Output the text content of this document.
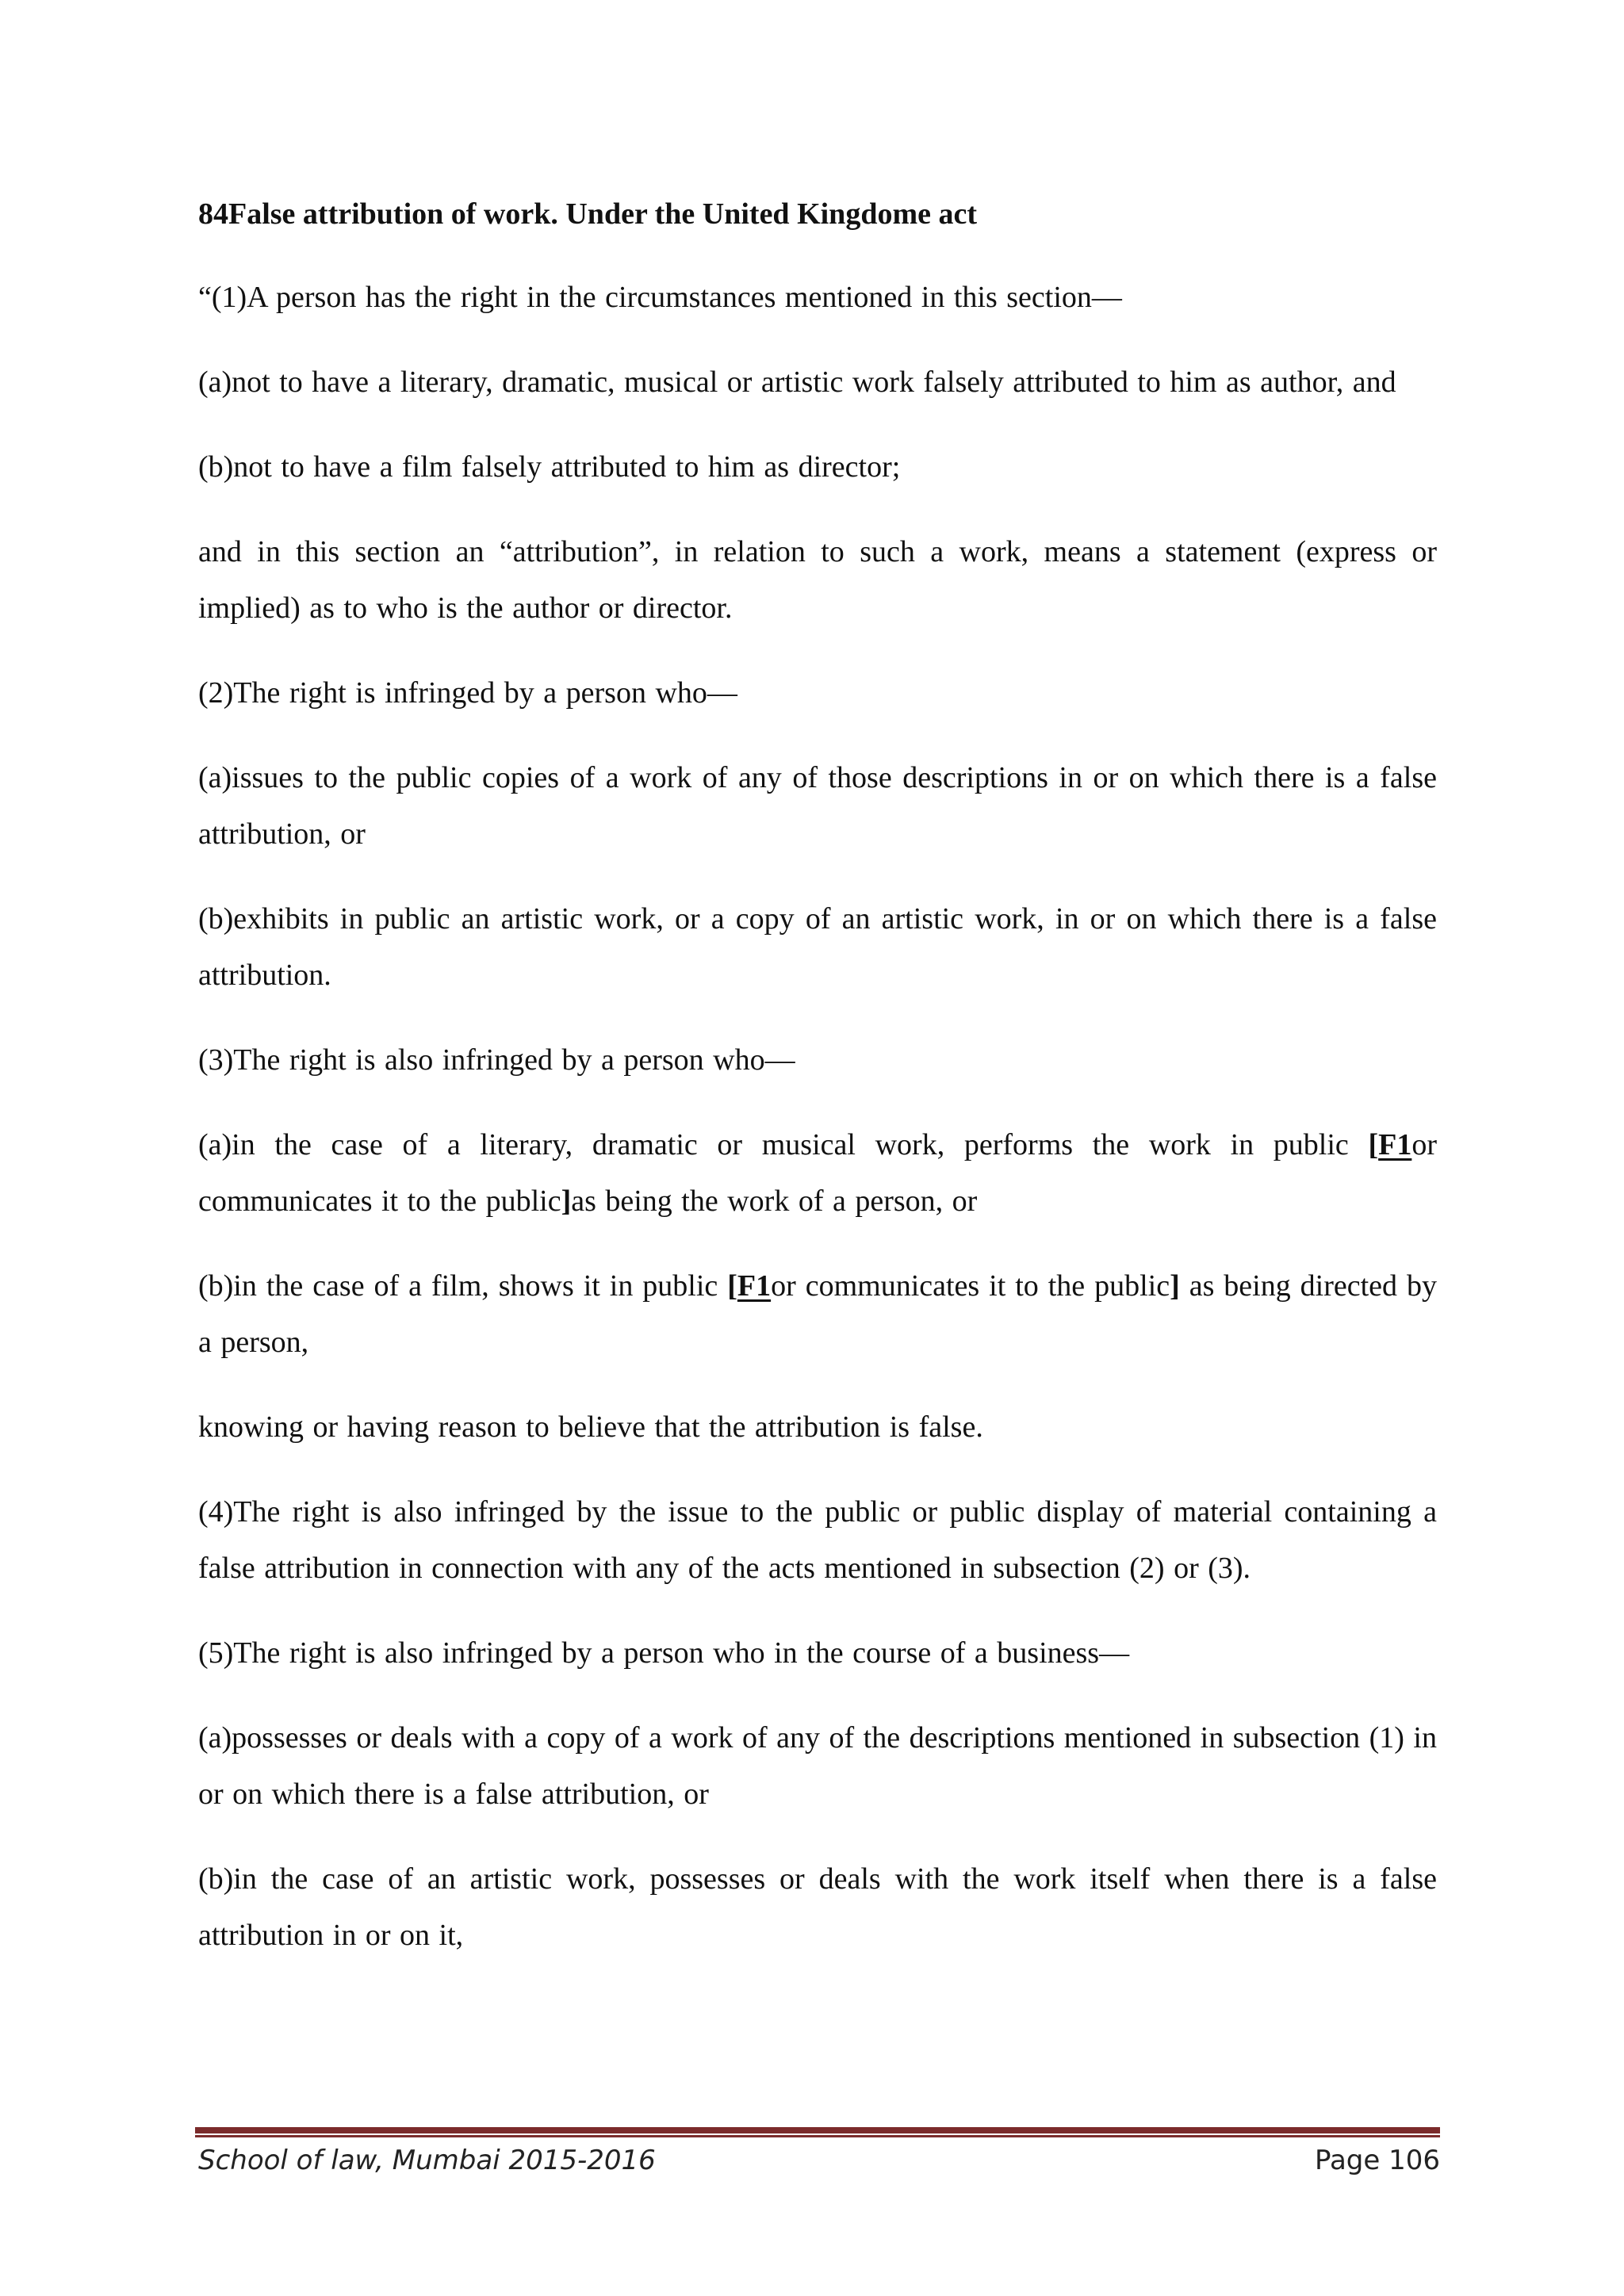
84False attribution of work. Under the United Kingdome act

“(1)A person has the right in the circumstances mentioned in this section—

(a)not to have a literary, dramatic, musical or artistic work falsely attributed to him as author, and

(b)not to have a film falsely attributed to him as director;

and in this section an “attribution”, in relation to such a work, means a statement (express or implied) as to who is the author or director.

(2)The right is infringed by a person who—

(a)issues to the public copies of a work of any of those descriptions in or on which there is a false attribution, or

(b)exhibits in public an artistic work, or a copy of an artistic work, in or on which there is a false attribution.

(3)The right is also infringed by a person who—

(a)in the case of a literary, dramatic or musical work, performs the work in public [F1or communicates it to the public]as being the work of a person, or

(b)in the case of a film, shows it in public [F1or communicates it to the public] as being directed by a person,

knowing or having reason to believe that the attribution is false.

(4)The right is also infringed by the issue to the public or public display of material containing a false attribution in connection with any of the acts mentioned in subsection (2) or (3).

(5)The right is also infringed by a person who in the course of a business—

(a)possesses or deals with a copy of a work of any of the descriptions mentioned in subsection (1) in or on which there is a false attribution, or

(b)in the case of an artistic work, possesses or deals with the work itself when there is a false attribution in or on it,

School of law, Mumbai 2015-2016	Page 106
